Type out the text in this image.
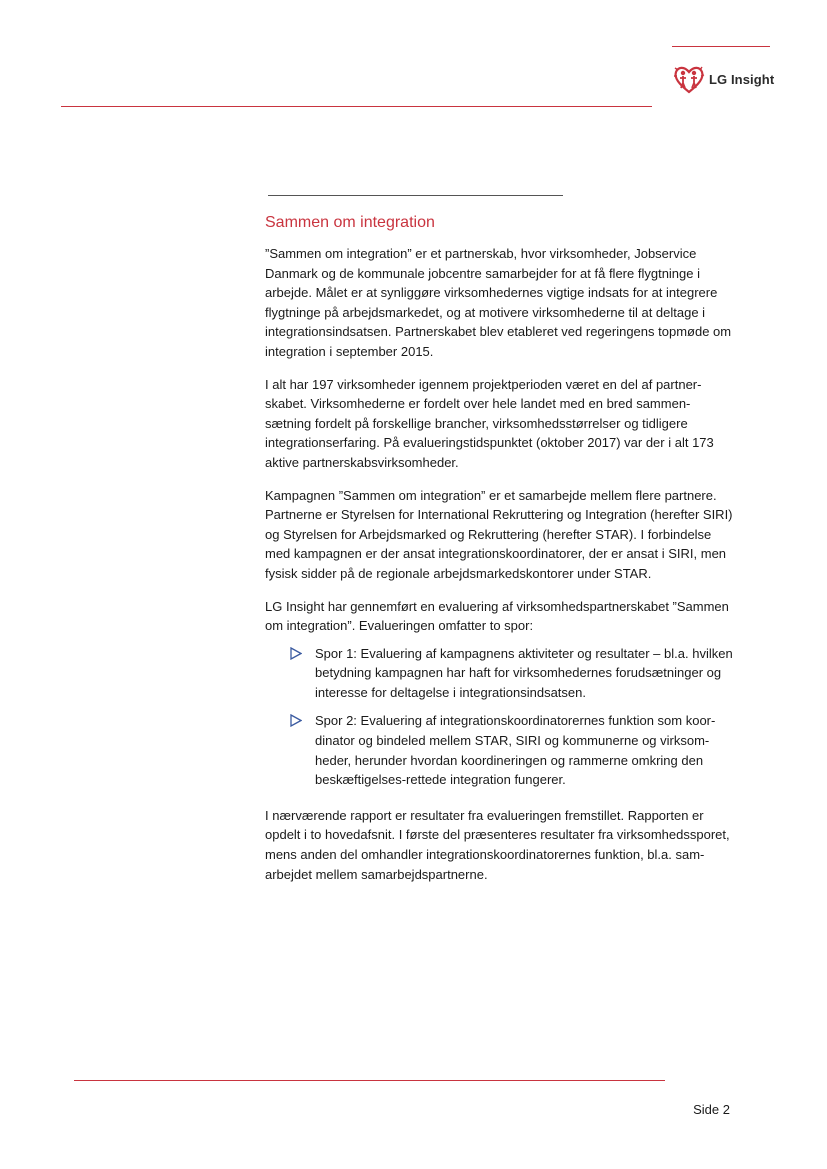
LG Insight
Sammen om integration

”Sammen om integration” er et partnerskab, hvor virksomheder, Jobservice Danmark og de kommunale jobcentre samarbejder for at få flere flygtninge i arbejde. Målet er at synliggøre virksomhedernes vigtige indsats for at integrere flygtninge på arbejdsmarkedet, og at motivere virksomhederne til at deltage i integrationsindsatsen. Partnerskabet blev etableret ved regeringens topmøde om integration i september 2015.

I alt har 197 virksomheder igennem projektperioden været en del af partner-skabet. Virksomhederne er fordelt over hele landet med en bred sammen-sætning fordelt på forskellige brancher, virksomhedsstørrelser og tidligere integrationserfaring. På evalueringstidspunktet (oktober 2017) var der i alt 173 aktive partnerskabsvirksomheder.

Kampagnen ”Sammen om integration” er et samarbejde mellem flere partnere. Partnerne er Styrelsen for International Rekruttering og Integration (herefter SIRI) og Styrelsen for Arbejdsmarked og Rekruttering (herefter STAR). I forbindelse med kampagnen er der ansat integrationskoordinatorer, der er ansat i SIRI, men fysisk sidder på de regionale arbejdsmarkedskontorer under STAR.

LG Insight har gennemført en evaluering af virksomhedspartnerskabet ”Sammen om integration”. Evalueringen omfatter to spor:

Spor 1: Evaluering af kampagnens aktiviteter og resultater – bl.a. hvilken betydning kampagnen har haft for virksomhedernes forudsætninger og interesse for deltagelse i integrationsindsatsen.
Spor 2: Evaluering af integrationskoordinatorernes funktion som koor-dinator og bindeled mellem STAR, SIRI og kommunerne og virksom-heder, herunder hvordan koordineringen og rammerne omkring den beskæftigelses-rettede integration fungerer.

I nærværende rapport er resultater fra evalueringen fremstillet. Rapporten er opdelt i to hovedafsnit. I første del præsenteres resultater fra virksomhedssporet, mens anden del omhandler integrationskoordinatorernes funktion, bl.a. sam-arbejdet mellem samarbejdspartnerne.

Side 2
